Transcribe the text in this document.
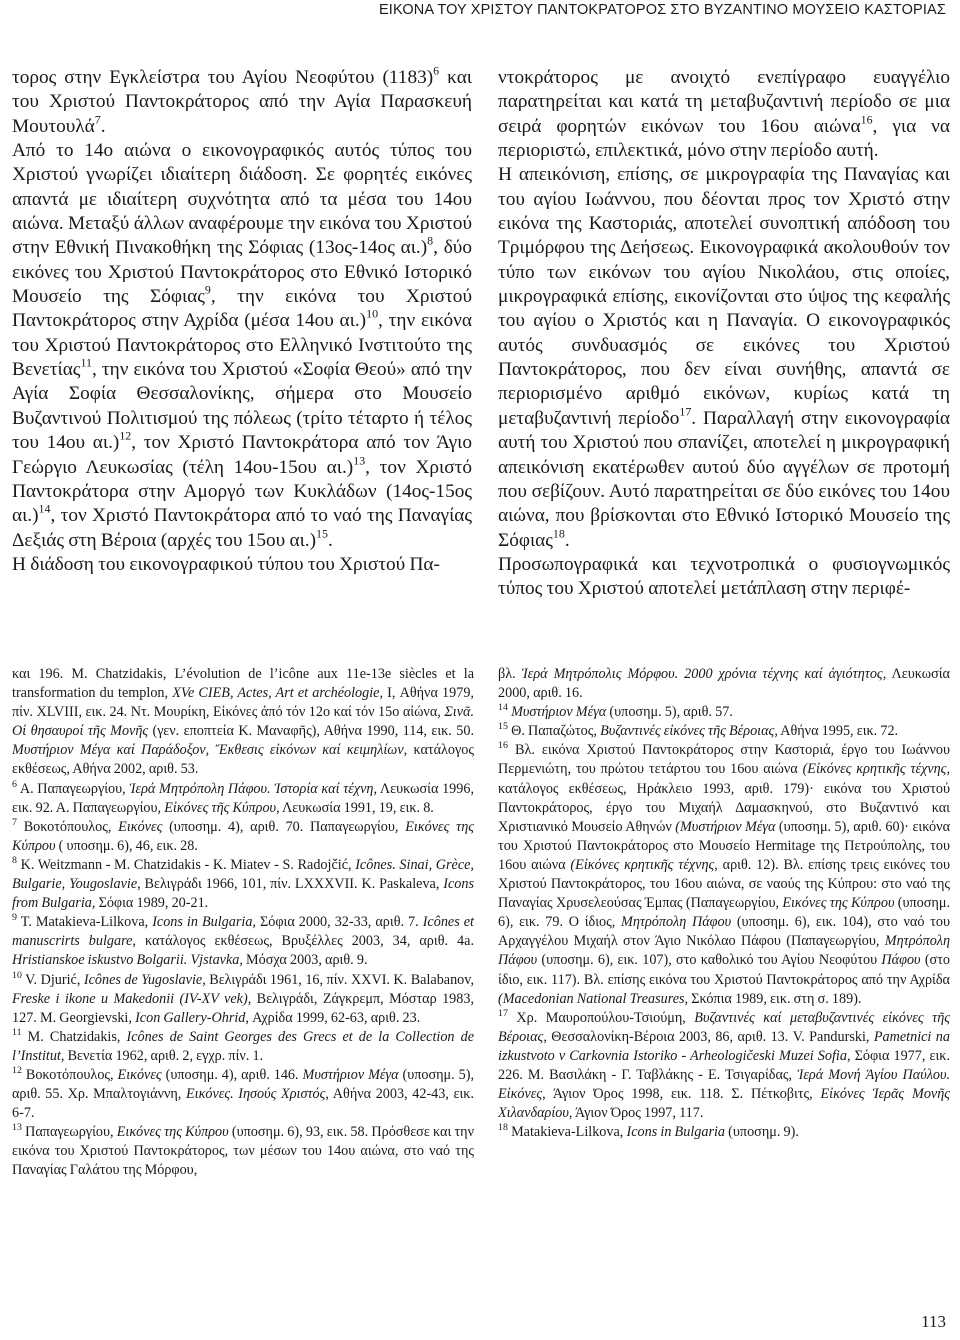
ΕΙΚΟΝΑ ΤΟΥ ΧΡΙΣΤΟΥ ΠΑΝΤΟΚΡΑΤΟΡΟΣ ΣΤΟ ΒΥΖΑΝΤΙΝΟ ΜΟΥΣΕΙΟ ΚΑΣΤΟΡΙΑΣ

τορος στην Εγκλείστρα του Αγίου Νεοφύτου $(1183)^6$ και του Χριστού Παντοκράτορος από την Αγία Παρασκευή Μουτουλά$^7$.

Από το 14ο αιώνα ο εικονογραφικός αυτός τύπος του Χριστού γνωρίζει ιδιαίτερη διάδοση. Σε φορητές εικόνες απαντά με ιδιαίτερη συχνότητα από τα μέσα του 14ου αιώνα. Μεταξύ άλλων αναφέρουμε την εικόνα του Χριστού στην Εθνική Πινακοθήκη της Σόφιας (13ος-14ος αι.)$^8$, δύο εικόνες του Χριστού Παντοκράτορος στο Εθνικό Ιστορικό Μουσείο της Σόφιας$^9$, την εικόνα του Χριστού Παντοκράτορος στην Αχρίδα (μέσα 14ου αι.)$^{10}$, την εικόνα του Χριστού Παντοκράτορος στο Ελληνικό Ινστιτούτο της Βενετίας$^{11}$, την εικόνα του Χριστού «Σοφία Θεού» από την Αγία Σοφία Θεσσαλονίκης, σήμερα στο Μουσείο Βυζαντινού Πολιτισμού της πόλεως (τρίτο τέταρτο ή τέλος του 14ου αι.)$^{12}$, τον Χριστό Παντοκράτορα από τον Άγιο Γεώργιο Λευκωσίας (τέλη 14ου-15ου αι.)$^{13}$, τον Χριστό Παντοκράτορα στην Αμοργό των Κυκλάδων (14ος-15ος αι.)$^{14}$, τον Χριστό Παντοκράτορα από το ναό της Παναγίας Δεξιάς στη Βέροια (αρχές του 15ου αι.)$^{15}$.

Η διάδοση του εικονογραφικού τύπου του Χριστού Πα-

ντοκράτορος με ανοιχτό ενεπίγραφο ευαγγέλιο παρατηρείται και κατά τη μεταβυζαντινή περίοδο σε μια σειρά φορητών εικόνων του 16ου αιώνα$^{16}$, για να περιοριστώ, επιλεκτικά, μόνο στην περίοδο αυτή.

Η απεικόνιση, επίσης, σε μικρογραφία της Παναγίας και του αγίου Ιωάννου, που δέονται προς τον Χριστό στην εικόνα της Καστοριάς, αποτελεί συνοπτική απόδοση του Τριμόρφου της Δεήσεως. Εικονογραφικά ακολουθούν τον τύπο των εικόνων του αγίου Νικολάου, στις οποίες, μικρογραφικά επίσης, εικονίζονται στο ύψος της κεφαλής του αγίου ο Χριστός και η Παναγία. Ο εικονογραφικός αυτός συνδυασμός σε εικόνες του Χριστού Παντοκράτορος, που δεν είναι συνήθης, απαντά σε περιορισμένο αριθμό εικόνων, κυρίως κατά τη μεταβυζαντινή περίοδο$^{17}$. Παραλλαγή στην εικονογραφία αυτή του Χριστού που σπανίζει, αποτελεί η μικρογραφική απεικόνιση εκατέρωθεν αυτού δύο αγγέλων σε προτομή που σεβίζουν. Αυτό παρατηρείται σε δύο εικόνες του 14ου αιώνα, που βρίσκονται στο Εθνικό Ιστορικό Μουσείο της Σόφιας$^{18}$.

Προσωπογραφικά και τεχνοτροπικά ο φυσιογνωμικός τύπος του Χριστού αποτελεί μετάπλαση στην περιφέ-

και 196. M. Chatzidakis, L’évolution de l’icône aux 11e-13e siècles et la transformation du templon, XVe CIEB, Actes, Art et archéologie, I, Αθήνα 1979, πίν. XLVIII, εικ. 24. Ντ. Μουρίκη, Εἰκόνες ἀπό τόν 12ο καί τόν 15ο αἰώνα, Σινᾶ. Οἱ θησαυροί τῆς Μονῆς (γεν. εποπτεία Κ. Μαναφῆς), Αθήνα 1990, 114, εικ. 50. Μυστήριον Μέγα καί Παράδοξον, Ἔκθεσις εἰκόνων καί κειμηλίων, κατάλογος εκθέσεως, Αθήνα 2002, αριθ. 53.

$^6$ Α. Παπαγεωργίου, Ἱερά Μητρόπολη Πάφου. Ἱστορία καί τέχνη, Λευκωσία 1996, εικ. 92. Α. Παπαγεωργίου, Εἰκόνες τῆς Κύπρου, Λευκωσία 1991, 19, εικ. 8.

$^7$ Βοκοτόπουλος, Εικόνες (υποσημ. 4), αριθ. 70. Παπαγεωργίου, Εικόνες της Κύπρου ( υποσημ. 6), 46, εικ. 28.

$^8$ K. Weitzmann - M. Chatzidakis - K. Miatev - S. Radojčić, Icônes. Sinai, Grèce, Bulgarie, Yougoslavie, Βελιγράδι 1966, 101, πίν. LXXXVII. K. Paskaleva, Icons from Bulgaria, Σόφια 1989, 20-21.

$^9$ T. Matakieva-Lilkova, Icons in Bulgaria, Σόφια 2000, 32-33, αριθ. 7. Icônes et manuscrirts bulgare, κατάλογος εκθέσεως, Βρυξέλλες 2003, 34, αριθ. 4a. Hristianskoe iskustvo Bolgarii. Vjstavka, Μόσχα 2003, αριθ. 9.

$^{10}$ V. Djurić, Icônes de Yugoslavie, Βελιγράδι 1961, 16, πίν. XXVI. K. Balabanov, Freske i ikone u Makedonii (IV-XV vek), Βελιγράδι, Ζάγκρεμπ, Μόσταρ 1983, 127. M. Georgievski, Icon Gallery-Ohrid, Αχρίδα 1999, 62-63, αριθ. 23.

$^{11}$ M. Chatzidakis, Icônes de Saint Georges des Grecs et de la Collection de l’Institut, Βενετία 1962, αριθ. 2, εγχρ. πίν. 1.

$^{12}$ Βοκοτόπουλος, Εικόνες (υποσημ. 4), αριθ. 146. Μυστήριον Μέγα (υποσημ. 5), αριθ. 55. Χρ. Μπαλτογιάννη, Εικόνες. Ιησούς Χριστός, Αθήνα 2003, 42-43, εικ. 6-7.

$^{13}$ Παπαγεωργίου, Εικόνες της Κύπρου (υποσημ. 6), 93, εικ. 58. Πρόσθεσε και την εικόνα του Χριστού Παντοκράτορος, των μέσων του 14ου αιώνα, στο ναό της Παναγίας Γαλάτου της Μόρφου,

βλ. Ἱερά Μητρόπολις Μόρφου. 2000 χρόνια τέχνης καί ἁγιότητος, Λευκωσία 2000, αριθ. 16.

$^{14}$ Μυστήριον Μέγα (υποσημ. 5), αριθ. 57.

$^{15}$ Θ. Παπαζώτος, Βυζαντινές εἰκόνες τῆς Βέροιας, Αθήνα 1995, εικ. 72.

$^{16}$ Βλ. εικόνα Χριστού Παντοκράτορος στην Καστοριά, έργο του Ιωάννου Περμενιώτη, του πρώτου τετάρτου του 16ου αιώνα (Εἰκόνες κρητικῆς τέχνης, κατάλογος εκθέσεως, Ηράκλειο 1993, αριθ. 179)· εικόνα του Χριστού Παντοκράτορος, έργο του Μιχαήλ Δαμασκηνού, στο Βυζαντινό και Χριστιανικό Μουσείο Αθηνών (Μυστήριον Μέγα (υποσημ. 5), αριθ. 60)· εικόνα του Χριστού Παντοκράτορος στο Μουσείο Hermitage της Πετρούπολης, του 16ου αιώνα (Εἰκόνες κρητικῆς τέχνης, αριθ. 12). Βλ. επίσης τρεις εικόνες του Χριστού Παντοκράτορος, του 16ου αιώνα, σε ναούς της Κύπρου: στο ναό της Παναγίας Χρυσελεούσας Έμπας (Παπαγεωργίου, Εικόνες της Κύπρου (υποσημ. 6), εικ. 79. Ο ίδιος, Μητρόπολη Πάφου (υποσημ. 6), εικ. 104), στο ναό του Αρχαγγέλου Μιχαήλ στον Άγιο Νικόλαο Πάφου (Παπαγεωργίου, Μητρόπολη Πάφου (υποσημ. 6), εικ. 107), στο καθολικό του Αγίου Νεοφύτου Πάφου (στο ίδιο, εικ. 117). Βλ. επίσης εικόνα του Χριστού Παντοκράτορος από την Αχρίδα (Macedonian National Treasures, Σκόπια 1989, εικ. στη σ. 189).

$^{17}$ Χρ. Μαυροπούλου-Τσιούμη, Βυζαντινές καί μεταβυζαντινές εἰκόνες τῆς Βέροιας, Θεσσαλονίκη-Βέροια 2003, 86, αριθ. 13. V. Pandurski, Pametnici na izkustvoto v Carkovnia Istoriko - Arheologičeski Muzei Sofia, Σόφια 1977, εικ. 226. Μ. Βασιλάκη - Γ. Ταβλάκης - Ε. Τσιγαρίδας, Ἱερά Μονή Ἁγίου Παύλου. Εἰκόνες, Άγιον Όρος 1998, εικ. 118. Σ. Πέτκοβιτς, Εἰκόνες Ἱερᾶς Μονῆς Χιλανδαρίου, Άγιον Όρος 1997, 117.

$^{18}$ Matakieva-Lilkova, Icons in Bulgaria (υποσημ. 9).

113
